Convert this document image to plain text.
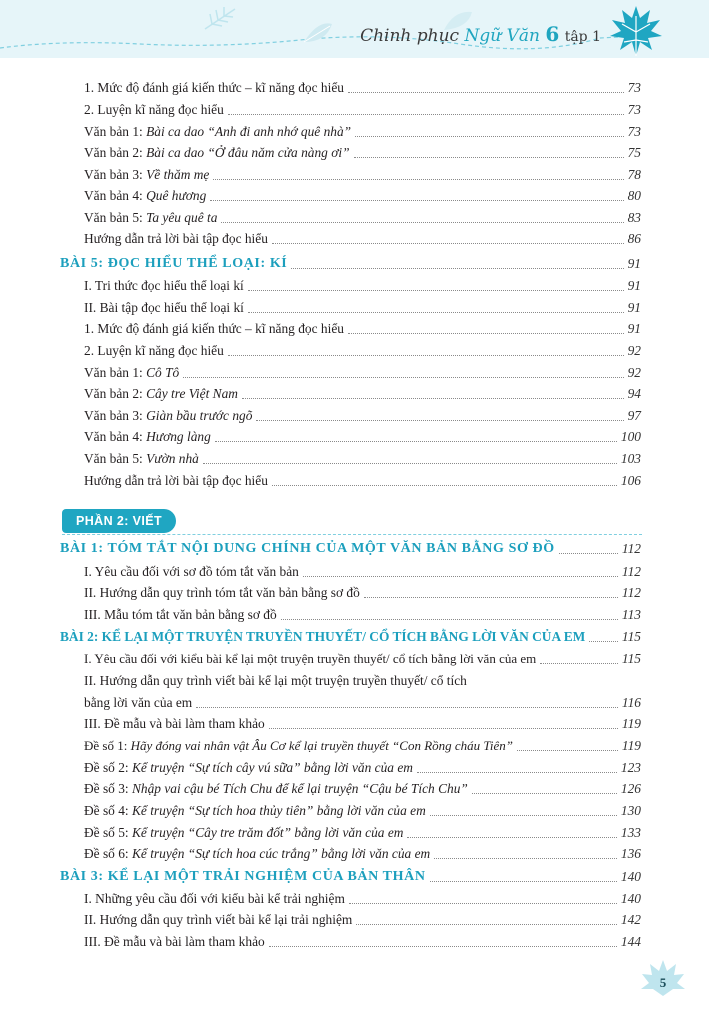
Chinh phục Ngữ Văn 6 tập 1
1. Mức độ đánh giá kiến thức – kĩ năng đọc hiểu	73
2. Luyện kĩ năng đọc hiểu	73
Văn bản 1: Bài ca dao “Anh đi anh nhớ quê nhà”	73
Văn bản 2: Bài ca dao “Ở đâu năm cửa nàng ơi”	75
Văn bản 3: Về thăm mẹ	78
Văn bản 4: Quê hương	80
Văn bản 5: Ta yêu quê ta	83
Hướng dẫn trả lời bài tập đọc hiểu	86
BÀI 5: ĐỌC HIỂU THỂ LOẠI: KÍ	91
I. Tri thức đọc hiểu thể loại kí	91
II. Bài tập đọc hiểu thể loại kí	91
1. Mức độ đánh giá kiến thức – kĩ năng đọc hiểu	91
2. Luyện kĩ năng đọc hiểu	92
Văn bản 1: Cô Tô	92
Văn bản 2: Cây tre Việt Nam	94
Văn bản 3: Giàn bầu trước ngõ	97
Văn bản 4: Hương làng	100
Văn bản 5: Vườn nhà	103
Hướng dẫn trả lời bài tập đọc hiểu	106
PHẦN 2: VIẾT
BÀI 1: TÓM TẮT NỘI DUNG CHÍNH CỦA MỘT VĂN BẢN BẰNG SƠ ĐỒ	112
I. Yêu cầu đối với sơ đồ tóm tắt văn bản	112
II. Hướng dẫn quy trình tóm tắt văn bản bằng sơ đồ	112
III. Mẫu tóm tắt văn bản bằng sơ đồ	113
BÀI 2: KỂ LẠI MỘT TRUYỆN TRUYỀN THUYẾT/ CỔ TÍCH BẰNG LỜI VĂN CỦA EM	115
I. Yêu cầu đối với kiểu bài kể lại một truyện truyền thuyết/ cổ tích bằng lời văn của em	115
II. Hướng dẫn quy trình viết bài kể lại một truyện truyền thuyết/ cổ tích
bằng lời văn của em	116
III. Đề mẫu và bài làm tham khảo	119
Đề số 1: Hãy đóng vai nhân vật Âu Cơ kể lại truyền thuyết “Con Rồng cháu Tiên”	119
Đề số 2: Kể truyện “Sự tích cây vú sữa” bằng lời văn của em	123
Đề số 3: Nhập vai cậu bé Tích Chu để kể lại truyện “Cậu bé Tích Chu”	126
Đề số 4: Kể truyện “Sự tích hoa thủy tiên” bằng lời văn của em	130
Đề số 5: Kể truyện “Cây tre trăm đốt” bằng lời văn của em	133
Đề số 6: Kể truyện “Sự tích hoa cúc trắng” bằng lời văn của em	136
BÀI 3: KỂ LẠI MỘT TRẢI NGHIỆM CỦA BẢN THÂN	140
I. Những yêu cầu đối với kiểu bài kể trải nghiệm	140
II. Hướng dẫn quy trình viết bài kể lại trải nghiệm	142
III. Đề mẫu và bài làm tham khảo	144
5
